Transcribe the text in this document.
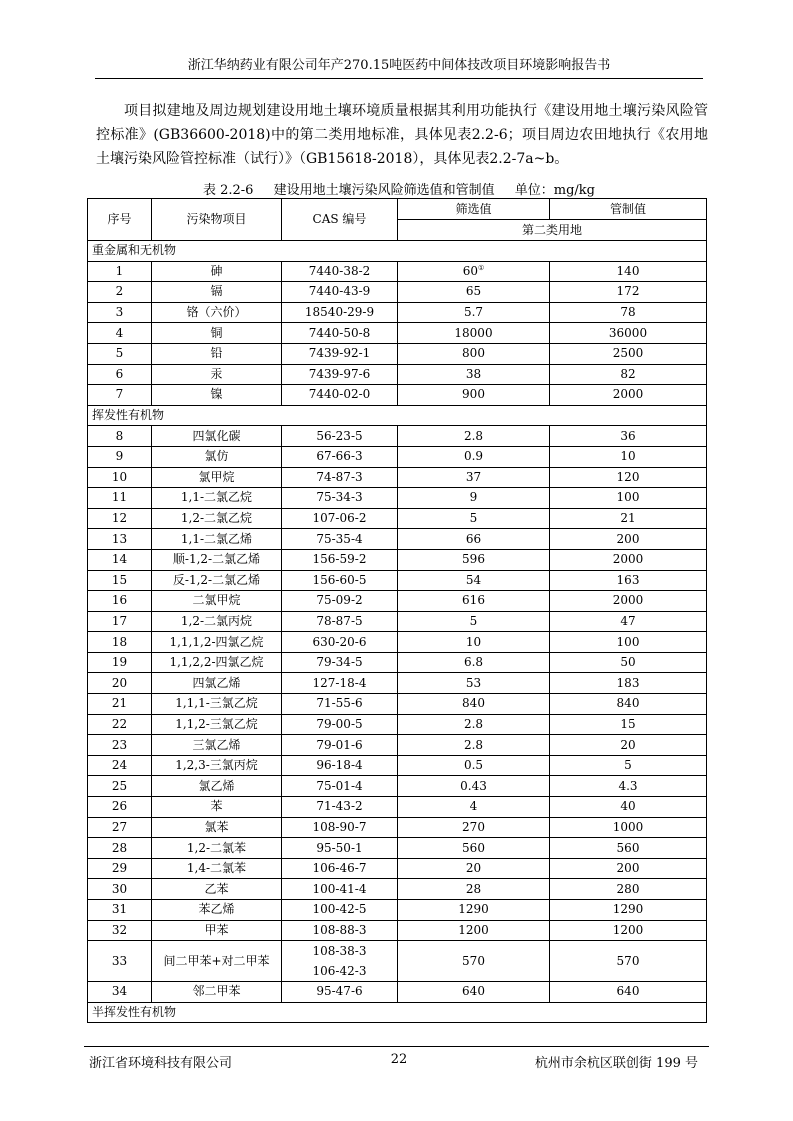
浙江华纳药业有限公司年产270.15吨医药中间体技改项目环境影响报告书

项目拟建地及周边规划建设用地土壤环境质量根据其利用功能执行《建设用地土壤污染风险管控标准》(GB36600-2018)中的第二类用地标准，具体见表2.2-6；项目周边农田地执行《农用地土壤污染风险管控标准（试行）》（GB15618-2018），具体见表2.2-7a~b。

表 2.2-6 建设用地土壤污染风险筛选值和管制值 单位：mg/kg
序号	污染物项目	CAS 编号	筛选值	管制值
			第二类用地	
重金属和无机物				
1	砷	7440-38-2	60①	140
2	镉	7440-43-9	65	172
3	铬（六价）	18540-29-9	5.7	78
4	铜	7440-50-8	18000	36000
5	铅	7439-92-1	800	2500
6	汞	7439-97-6	38	82
7	镍	7440-02-0	900	2000
挥发性有机物				
8	四氯化碳	56-23-5	2.8	36
9	氯仿	67-66-3	0.9	10
10	氯甲烷	74-87-3	37	120
11	1,1-二氯乙烷	75-34-3	9	100
12	1,2-二氯乙烷	107-06-2	5	21
13	1,1-二氯乙烯	75-35-4	66	200
14	顺-1,2-二氯乙烯	156-59-2	596	2000
15	反-1,2-二氯乙烯	156-60-5	54	163
16	二氯甲烷	75-09-2	616	2000
17	1,2-二氯丙烷	78-87-5	5	47
18	1,1,1,2-四氯乙烷	630-20-6	10	100
19	1,1,2,2-四氯乙烷	79-34-5	6.8	50
20	四氯乙烯	127-18-4	53	183
21	1,1,1-三氯乙烷	71-55-6	840	840
22	1,1,2-三氯乙烷	79-00-5	2.8	15
23	三氯乙烯	79-01-6	2.8	20
24	1,2,3-三氯丙烷	96-18-4	0.5	5
25	氯乙烯	75-01-4	0.43	4.3
26	苯	71-43-2	4	40
27	氯苯	108-90-7	270	1000
28	1,2-二氯苯	95-50-1	560	560
29	1,4-二氯苯	106-46-7	20	200
30	乙苯	100-41-4	28	280
31	苯乙烯	100-42-5	1290	1290
32	甲苯	108-88-3	1200	1200
33	间二甲苯+对二甲苯	108-38-3
106-42-3	570	570
34	邻二甲苯	95-47-6	640	640
半挥发性有机物				
浙江省环境科技有限公司	22	杭州市余杭区联创街 199 号
